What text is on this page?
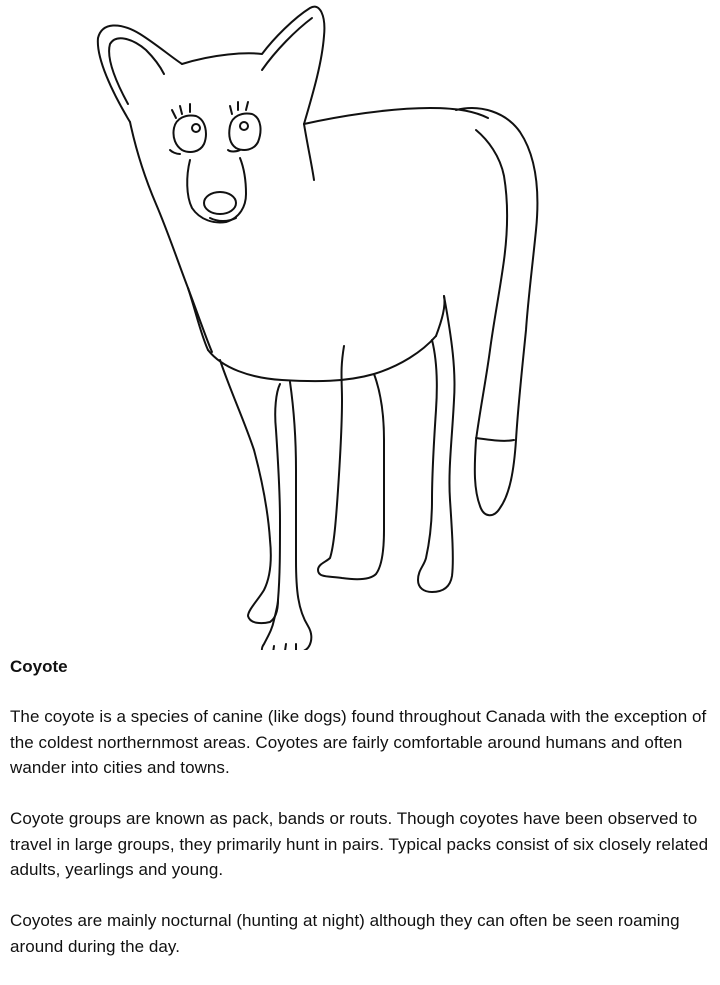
Coyote

The coyote is a species of canine (like dogs) found throughout Canada with the exception of the coldest northernmost areas. Coyotes are fairly comfortable around humans and often wander into cities and towns.

Coyote groups are known as pack, bands or routs. Though coyotes have been observed to travel in large groups, they primarily hunt in pairs. Typical packs consist of six closely related adults, yearlings and young.

Coyotes are mainly nocturnal (hunting at night) although they can often be seen roaming around during the day.
